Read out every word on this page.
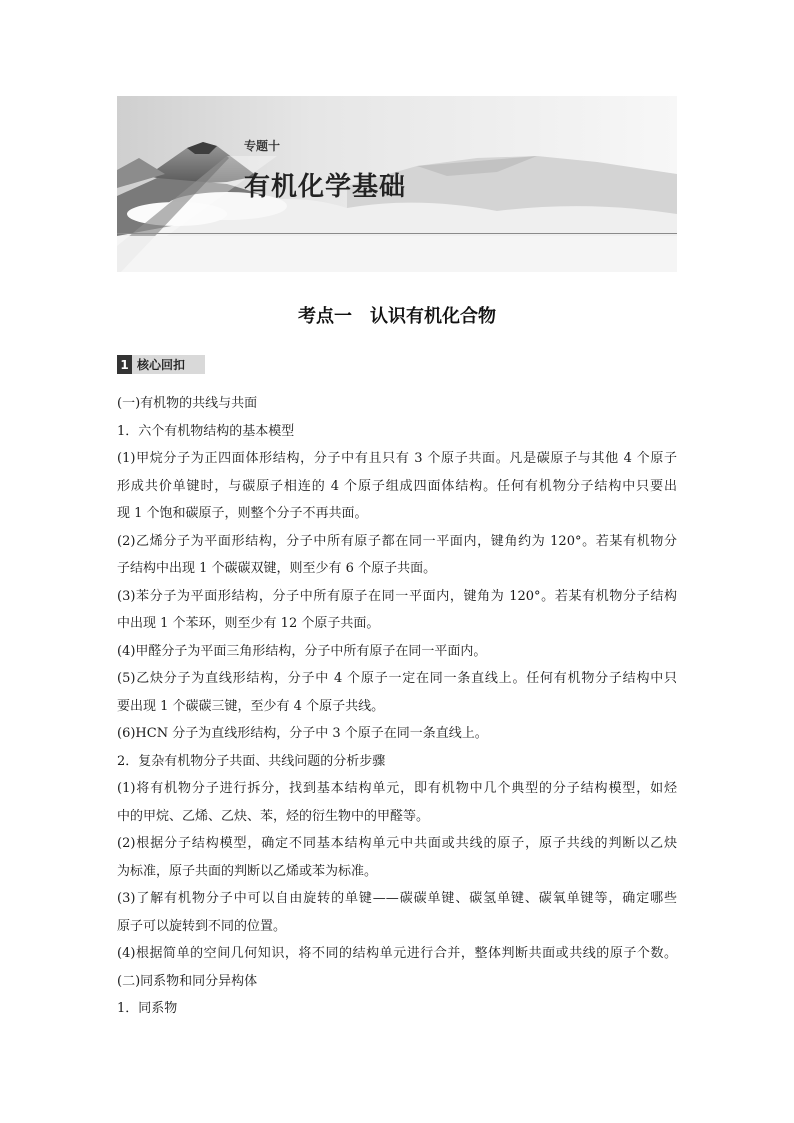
专题十
有机化学基础
考点一　认识有机化合物
1 核心回扣
(一)有机物的共线与共面
1．六个有机物结构的基本模型
(1)甲烷分子为正四面体形结构，分子中有且只有 3 个原子共面。凡是碳原子与其他 4 个原子
形成共价单键时，与碳原子相连的 4 个原子组成四面体结构。任何有机物分子结构中只要出
现 1 个饱和碳原子，则整个分子不再共面。
(2)乙烯分子为平面形结构，分子中所有原子都在同一平面内，键角约为 120°。若某有机物分
子结构中出现 1 个碳碳双键，则至少有 6 个原子共面。
(3)苯分子为平面形结构，分子中所有原子在同一平面内，键角为 120°。若某有机物分子结构
中出现 1 个苯环，则至少有 12 个原子共面。
(4)甲醛分子为平面三角形结构，分子中所有原子在同一平面内。
(5)乙炔分子为直线形结构，分子中 4 个原子一定在同一条直线上。任何有机物分子结构中只
要出现 1 个碳碳三键，至少有 4 个原子共线。
(6)HCN 分子为直线形结构，分子中 3 个原子在同一条直线上。
2．复杂有机物分子共面、共线问题的分析步骤
(1)将有机物分子进行拆分，找到基本结构单元，即有机物中几个典型的分子结构模型，如烃
中的甲烷、乙烯、乙炔、苯，烃的衍生物中的甲醛等。
(2)根据分子结构模型，确定不同基本结构单元中共面或共线的原子，原子共线的判断以乙炔
为标准，原子共面的判断以乙烯或苯为标准。
(3)了解有机物分子中可以自由旋转的单键——碳碳单键、碳氢单键、碳氧单键等，确定哪些
原子可以旋转到不同的位置。
(4)根据简单的空间几何知识，将不同的结构单元进行合并，整体判断共面或共线的原子个数。
(二)同系物和同分异构体
1．同系物
